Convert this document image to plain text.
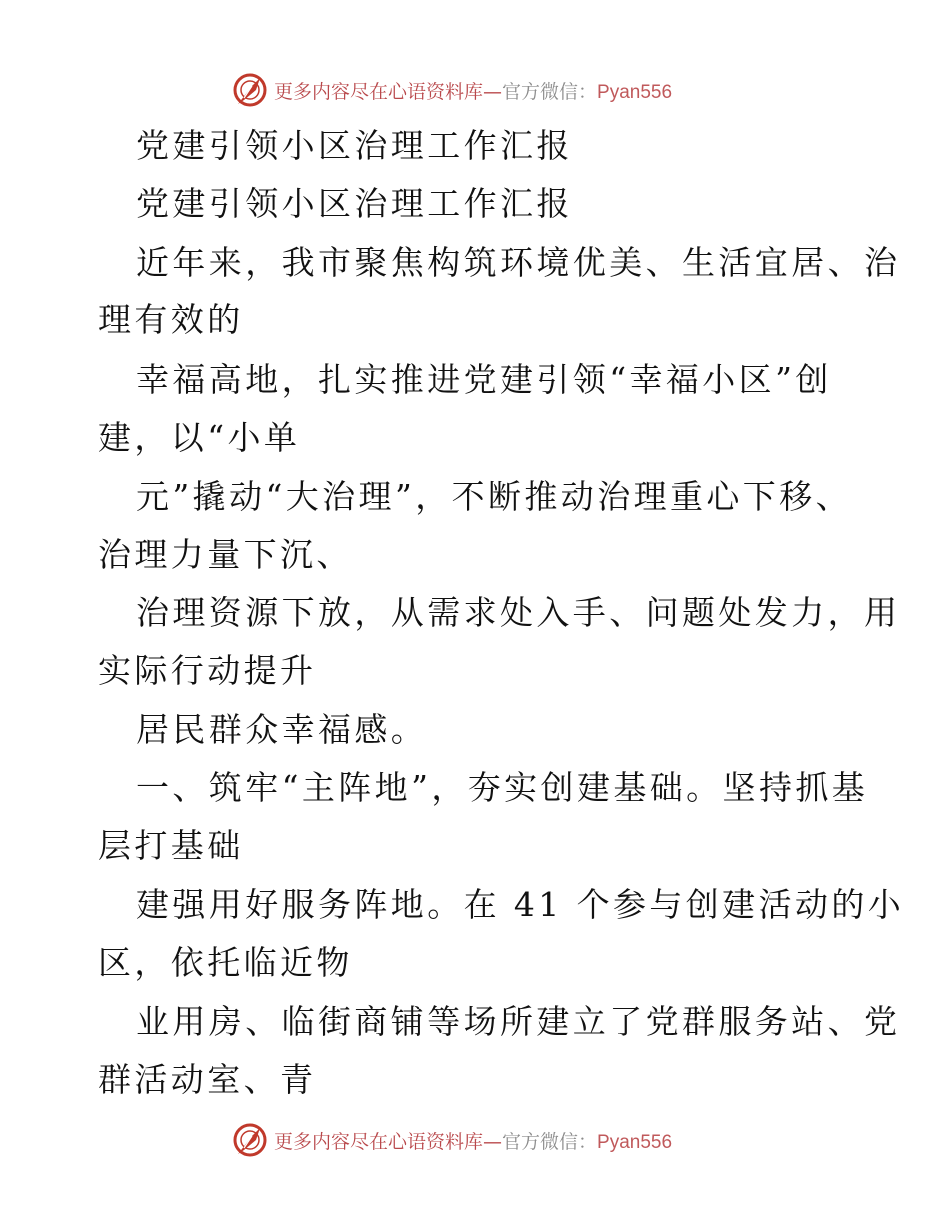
更多内容尽在心语资料库—官方微信：Pyan556
党建引领小区治理工作汇报
党建引领小区治理工作汇报
近年来，我市聚焦构筑环境优美、生活宜居、治
理有效的
幸福高地，扎实推进党建引领“幸福小区”创
建，以“小单
元”撬动“大治理”，不断推动治理重心下移、
治理力量下沉、
治理资源下放，从需求处入手、问题处发力，用
实际行动提升
居民群众幸福感。
一、筑牢“主阵地”，夯实创建基础。坚持抓基
层打基础
建强用好服务阵地。在 41 个参与创建活动的小
区，依托临近物
业用房、临街商铺等场所建立了党群服务站、党
群活动室、青
更多内容尽在心语资料库—官方微信：Pyan556
